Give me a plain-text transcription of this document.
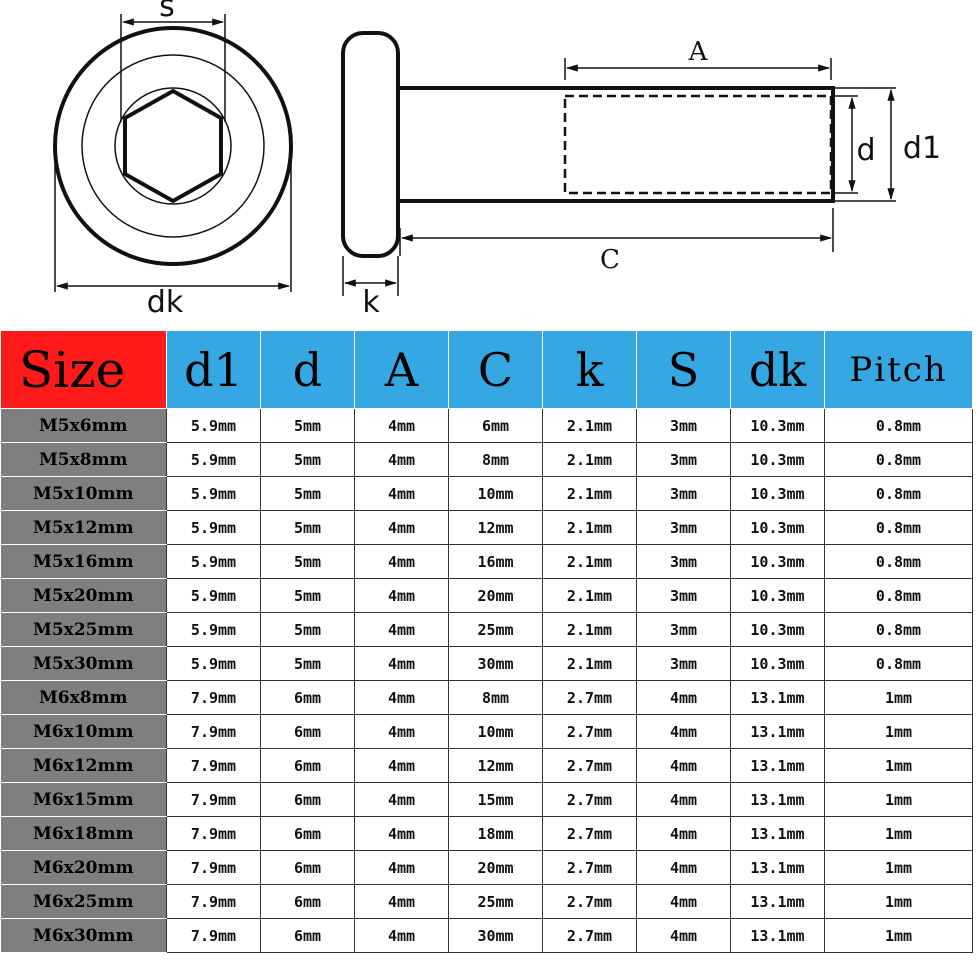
s
dk
A
C
d d1
k
Size	d1	d	A	C	k	S	dk	Pitch
M5x6mm	5.9mm	5mm	4mm	6mm	2.1mm	3mm	10.3mm	0.8mm
M5x8mm	5.9mm	5mm	4mm	8mm	2.1mm	3mm	10.3mm	0.8mm
M5x10mm	5.9mm	5mm	4mm	10mm	2.1mm	3mm	10.3mm	0.8mm
M5x12mm	5.9mm	5mm	4mm	12mm	2.1mm	3mm	10.3mm	0.8mm
M5x16mm	5.9mm	5mm	4mm	16mm	2.1mm	3mm	10.3mm	0.8mm
M5x20mm	5.9mm	5mm	4mm	20mm	2.1mm	3mm	10.3mm	0.8mm
M5x25mm	5.9mm	5mm	4mm	25mm	2.1mm	3mm	10.3mm	0.8mm
M5x30mm	5.9mm	5mm	4mm	30mm	2.1mm	3mm	10.3mm	0.8mm
M6x8mm	7.9mm	6mm	4mm	8mm	2.7mm	4mm	13.1mm	1mm
M6x10mm	7.9mm	6mm	4mm	10mm	2.7mm	4mm	13.1mm	1mm
M6x12mm	7.9mm	6mm	4mm	12mm	2.7mm	4mm	13.1mm	1mm
M6x15mm	7.9mm	6mm	4mm	15mm	2.7mm	4mm	13.1mm	1mm
M6x18mm	7.9mm	6mm	4mm	18mm	2.7mm	4mm	13.1mm	1mm
M6x20mm	7.9mm	6mm	4mm	20mm	2.7mm	4mm	13.1mm	1mm
M6x25mm	7.9mm	6mm	4mm	25mm	2.7mm	4mm	13.1mm	1mm
M6x30mm	7.9mm	6mm	4mm	30mm	2.7mm	4mm	13.1mm	1mm
